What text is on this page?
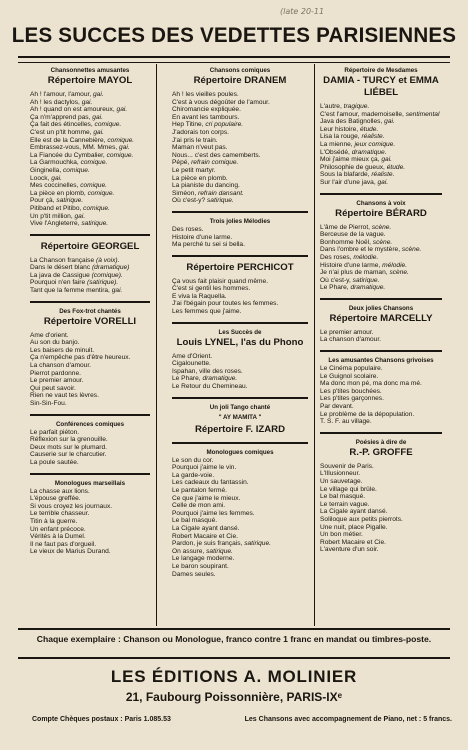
(late 20-11
LES SUCCES DES VEDETTES PARISIENNES
Chansonnettes amusantes
Répertoire MAYOL
Ah ! l'amour, l'amour, gai.
Ah ! les dactylos, gai.
Ah ! quand on est amoureux, gai.
Ça n'm'apprend pas, gai.
Ça fait des étincelles, comique.
C'est un p'tit homme, gai.
Elle est de la Cannebière, comique.
Embrassez-vous, MM. Mmes, gai.
La Fiancée du Cymbalier, comique.
La Garmouchka, comique.
Ginginella, comique.
Loock, gai.
Mes coccinelles, comique.
La pièce en plomb, comique.
Pour çà, satirique.
Pitiband et Pitibo, comique.
Un p'tit million, gai.
Vive l'Angleterre, satirique.
Répertoire GEORGEL
La Chanson française (à voix).
Dans le désert blanc (dramatique)
La java de Cassigue (comique).
Pourquoi n'en faire (satirique).
Tant que la femme mentira, gai.
Des Fox-trot chantés
Répertoire VORELLI
Ame d'orient.
Au son du banjo.
Les baisers de minuit.
Ça n'empêche pas d'être heureux.
La chanson d'amour.
Pierrot pardonne.
Le premier amour.
Qui peut savoir.
Rien ne vaut tes lèvres.
Sin-Sin-Fou.
Conférences comiques
Le parfait piéton.
Réflexion sur la grenouille.
Deux mots sur le plumard.
Causerie sur le charcutier.
La poule sautée.
Monologues marseillais
La chasse aux lions.
L'épouse greffée.
Si vous croyez les journaux.
Le terrible chasseur.
Titin à la guerre.
Un enfant précoce.
Vérités à la Dumel.
Il ne faut pas d'orgueil.
Le vieux de Marius Durand.
Chansons comiques
Répertoire DRANEM
Ah ! les vieilles poules.
C'est à vous dégoûter de l'amour.
Chiromancie expliquée.
En avant les tambours.
Hep Titine, cri populaire.
J'adorais ton corps.
J'ai pris le train.
Maman n'veut pas.
Nous... c'est des camemberts.
Pépé, refrain comique.
Le petit martyr.
La pièce en plomb.
La pianiste du dancing.
Siméon, refrain dansant.
Où c'est-y? satirique.
Trois jolies Mélodies
Des roses.
Histoire d'une larme.
Ma perché tu sei si bella.
Répertoire PERCHICOT
Ça vous fait plaisir quand même.
C'est si gentil les hommes.
E viva la Raquella.
J'ai l'bégain pour toutes les femmes.
Les femmes que j'aime.
Les Succès de
Louis LYNEL, l'as du Phono
Ame d'Orient.
Cigalounette.
Ispahan, ville des roses.
Le Phare, dramatique.
Le Retour du Chemineau.
Un joli Tango chanté
" AY MAMITA "
Répertoire F. IZARD
Monologues comiques
Le son du cor.
Pourquoi j'aime le vin.
La garde-voie.
Les cadeaux du fantassin.
Le pantalon fermé.
Ce que j'aime le mieux.
Celle de mon ami.
Pourquoi j'aime les femmes.
Le bal masqué.
La Cigale ayant dansé.
Robert Macaire et Cie.
Pardon, je suis français, satirique.
On assure, satirique.
Le langage moderne.
Le baron soupirant.
Dames seules.
Répertoire de Mesdames
DAMIA - TURCY et EMMA LIÉBEL
L'autre, tragique.
C'est l'amour, mademoiselle, sentimental
Java des Batignolles, gai.
Leur histoire, étude.
Lisa la rouge, réaliste.
La mienne, jeux comique.
L'Obsédé, dramatique.
Moi j'aime mieux ça, gai.
Philosophie de gueux, étude.
Sous la blafarde, réaliste.
Sur l'air d'une java, gai.
Chansons à voix
Répertoire BÉRARD
L'âme de Pierrot, scène.
Berceuse de la vague.
Bonhomme Noël, scène.
Dans l'ombre et le mystère, scène.
Des roses, mélodie.
Histoire d'une larme, mélodie.
Je n'ai plus de maman, scène.
Où c'est-y, satirique.
Le Phare, dramatique.
Deux jolies Chansons
Répertoire MARCELLY
Le premier amour.
La chanson d'amour.
Les amusantes Chansons grivoises
Le Cinéma populaire.
Le Guignol scolaire.
Ma donc mon pé, ma donc ma mé.
Les p'tites bouchées.
Les p'tites garçonnes.
Par devant.
Le problème de la dépopulation.
T. S. F. au village.
Poésies à dire de
R.-P. GROFFE
Souvenir de Paris.
L'Illusionneur.
Un sauvetage.
Le village qui brûle.
Le bal masqué.
Le terrain vague.
La Cigale ayant dansé.
Soliloque aux petits pierrots.
Une nuit, place Pigalle.
Un bon métier.
Robert Macaire et Cie.
L'aventure d'un soir.
Chaque exemplaire : Chanson ou Monologue, franco contre 1 franc en mandat ou timbres-poste.
LES ÉDITIONS A. MOLINIER
21, Faubourg Poissonnière, PARIS-IXᵉ
Compte Chèques postaux : Paris 1.085.53	Les Chansons avec accompagnement de Piano, net : 5 francs.
